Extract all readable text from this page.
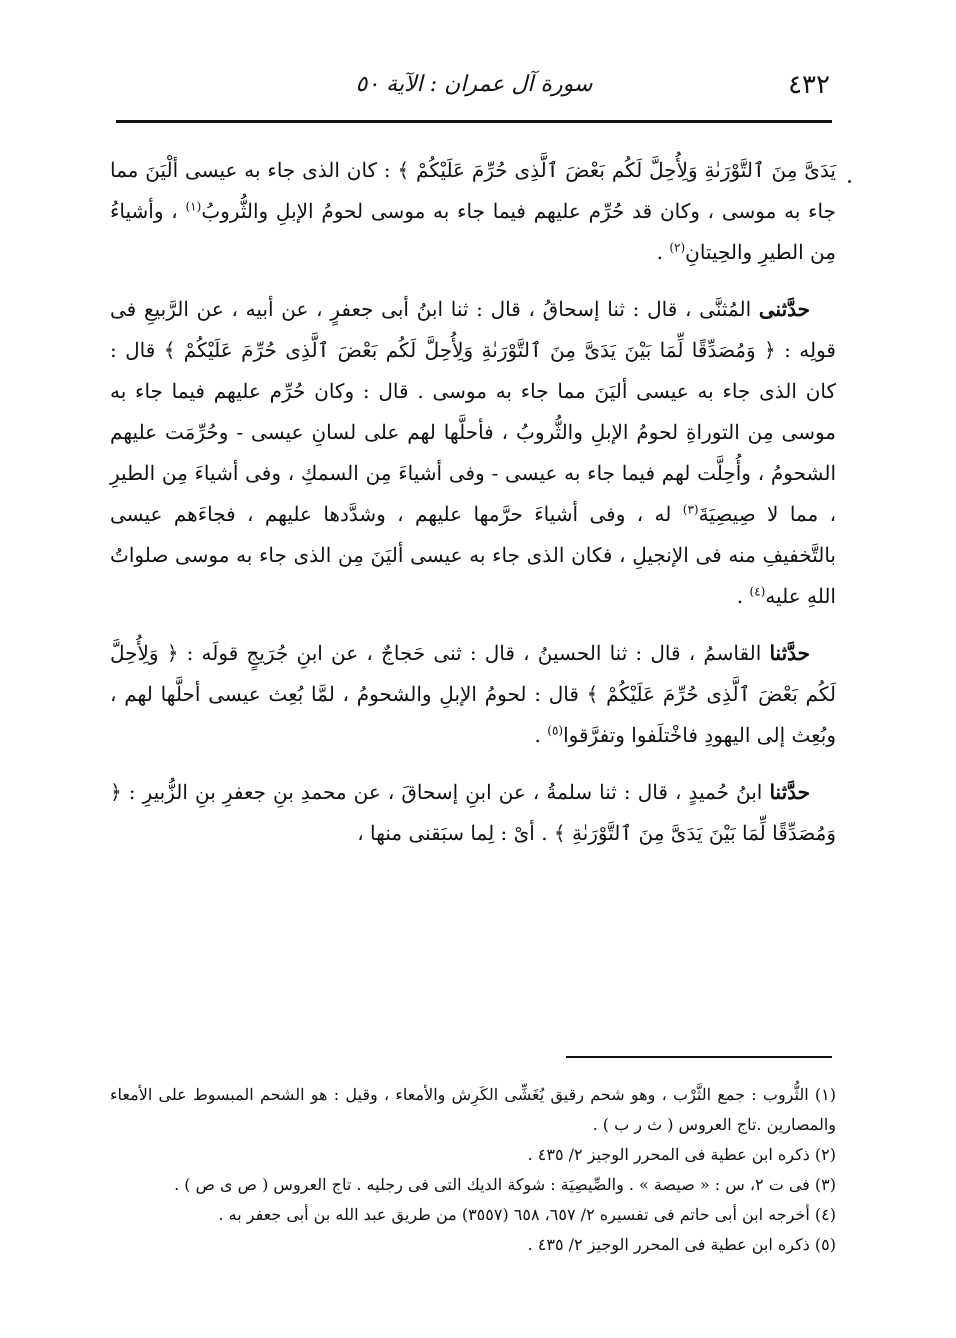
٤٣٢
سورة آل عمران : الآية ٥٠

يَدَىَّ مِنَ ٱلتَّوْرَىٰةِ وَلِأُحِلَّ لَكُم بَعْضَ ٱلَّذِى حُرِّمَ عَلَيْكُمْ ﴾ : كان الذى جاء به عيسى ألْيَنَ مما جاء به موسى ، وكان قد حُرِّم عليهم فيما جاء به موسى لحومُ الإبلِ والثُّروبُ$^{(١)}$ ، وأشياءُ مِن الطيرِ والحِيتانِ$^{(٢)}$ .

حدَّثنى المُثنَّى ، قال : ثنا إسحاقُ ، قال : ثنا ابنُ أبى جعفرٍ ، عن أبيه ، عن الرَّبيعِ فى قولِه : ﴿ وَمُصَدِّقًا لِّمَا بَيْنَ يَدَىَّ مِنَ ٱلتَّوْرَىٰةِ وَلِأُحِلَّ لَكُم بَعْضَ ٱلَّذِى حُرِّمَ عَلَيْكُمْ ﴾ قال : كان الذى جاء به عيسى أليَنَ مما جاء به موسى . قال : وكان حُرِّم عليهم فيما جاء به موسى مِن التوراةِ لحومُ الإبلِ والثُّروبُ ، فأحلَّها لهم على لسانِ عيسى - وحُرِّمَت عليهم الشحومُ ، وأُحِلَّت لهم فيما جاء به عيسى - وفى أشياءَ مِن السمكِ ، وفى أشياءَ مِن الطيرِ ، مما لا صِيصِيَةَ$^{(٣)}$ له ، وفى أشياءَ حرَّمها عليهم ، وشدَّدها عليهم ، فجاءَهم عيسى بالتَّخفيفِ منه فى الإنجيلِ ، فكان الذى جاء به عيسى أليَنَ مِن الذى جاء به موسى صلواتُ اللهِ عليه$^{(٤)}$ .

حدَّثنا القاسمُ ، قال : ثنا الحسينُ ، قال : ثنى حَجاجٌ ، عن ابنِ جُرَيجٍ قولَه : ﴿ وَلِأُحِلَّ لَكُم بَعْضَ ٱلَّذِى حُرِّمَ عَلَيْكُمْ ﴾ قال : لحومُ الإبلِ والشحومُ ، لمَّا بُعِث عيسى أحلَّها لهم ، وبُعِث إلى اليهودِ فاخْتلَفوا وتفرَّقوا$^{(٥)}$ .

حدَّثنا ابنُ حُميدٍ ، قال : ثنا سلمةُ ، عن ابنِ إسحاقَ ، عن محمدِ بنِ جعفرِ بنِ الزُّبيرِ : ﴿ وَمُصَدِّقًا لِّمَا بَيْنَ يَدَىَّ مِنَ ٱلتَّوْرَىٰةِ ﴾ . أىْ : لِما سبَقنى منها ،

(١) الثُّروب : جمع الثَّرْب ، وهو شحم رقيق يُغَشِّى الكَرِش والأمعاء ، وقيل : هو الشحم المبسوط على الأمعاء والمصارين .تاج العروس ( ث ر ب ) .

(٢) ذكره ابن عطية فى المحرر الوجيز ٢/ ٤٣٥ .

(٣) فى ت ٢، س : « صيصة » . والصِّيصِيَة : شوكة الديك التى فى رجليه . تاج العروس ( ص ى ص ) .

(٤) أخرجه ابن أبى حاتم فى تفسيره ٢/ ٦٥٧، ٦٥٨ (٣٥٥٧) من طريق عبد الله بن أبى جعفر به .

(٥) ذكره ابن عطية فى المحرر الوجيز ٢/ ٤٣٥ .
